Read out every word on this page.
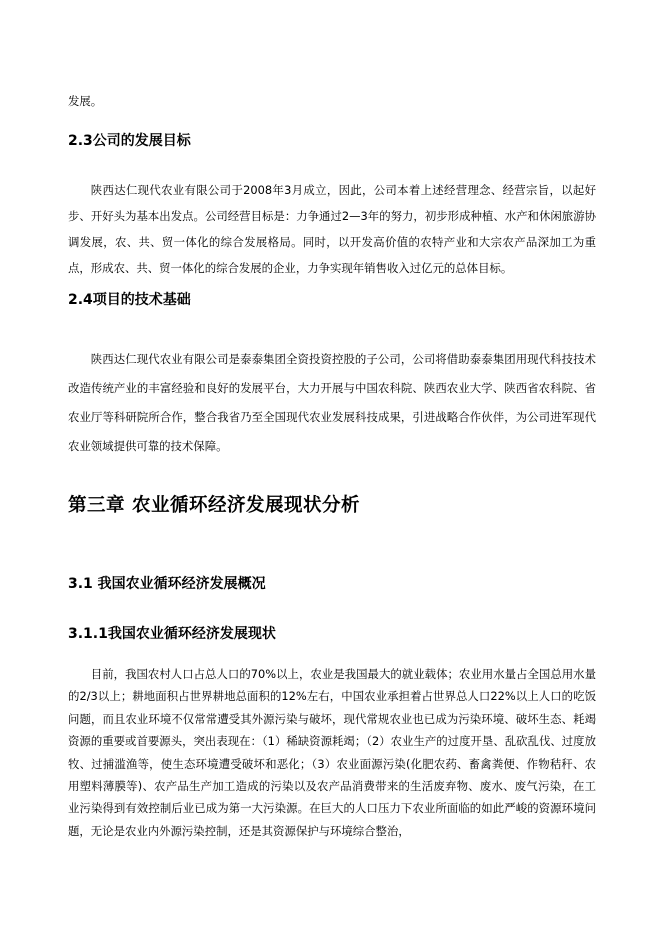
发展。

2.3公司的发展目标

陕西达仁现代农业有限公司于2008年3月成立，因此，公司本着上述经营理念、经营宗旨，以起好步、开好头为基本出发点。公司经营目标是：力争通过2—3年的努力，初步形成种植、水产和休闲旅游协调发展，农、共、贸一体化的综合发展格局。同时，以开发高价值的农特产业和大宗农产品深加工为重点，形成农、共、贸一体化的综合发展的企业，力争实现年销售收入过亿元的总体目标。

2.4项目的技术基础

陕西达仁现代农业有限公司是泰泰集团全资投资控股的子公司，公司将借助泰泰集团用现代科技技术改造传统产业的丰富经验和良好的发展平台，大力开展与中国农科院、陕西农业大学、陕西省农科院、省农业厅等科研院所合作，整合我省乃至全国现代农业发展科技成果，引进战略合作伙伴，为公司进军现代农业领域提供可靠的技术保障。

第三章 农业循环经济发展现状分析
3.1 我国农业循环经济发展概况
3.1.1我国农业循环经济发展现状

目前，我国农村人口占总人口的70%以上，农业是我国最大的就业载体；农业用水量占全国总用水量的2/3以上；耕地面积占世界耕地总面积的12%左右，中国农业承担着占世界总人口22%以上人口的吃饭问题，而且农业环境不仅常常遭受其外源污染与破坏，现代常规农业也已成为污染环境、破坏生态、耗竭资源的重要或首要源头，突出表现在：（1）稀缺资源耗竭；（2）农业生产的过度开垦、乱砍乱伐、过度放牧、过捕滥渔等，使生态环境遭受破坏和恶化；（3）农业面源污染(化肥农药、畜禽粪便、作物秸秆、农用塑料薄膜等)、农产品生产加工造成的污染以及农产品消费带来的生活废弃物、废水、废气污染，在工业污染得到有效控制后业已成为第一大污染源。在巨大的人口压力下农业所面临的如此严峻的资源环境问题，无论是农业内外源污染控制，还是其资源保护与环境综合整治，
